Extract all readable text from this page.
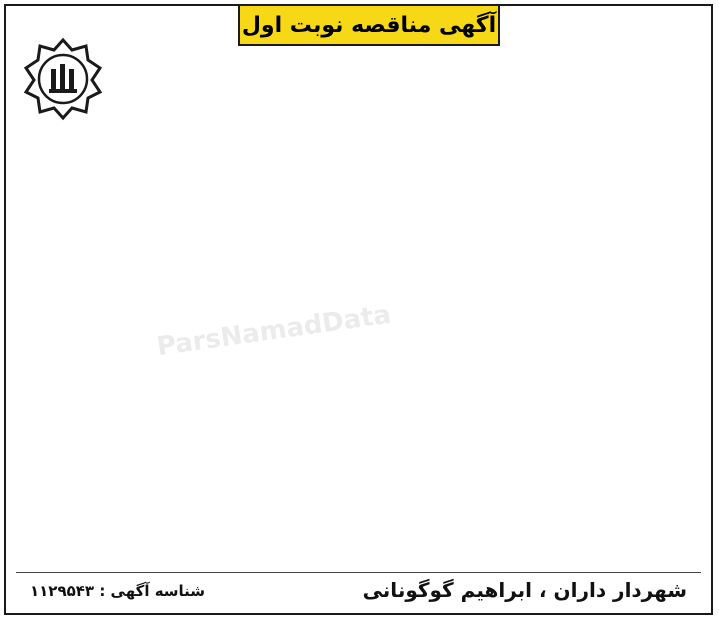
آگهی مناقصه نوبت اول
ParsNamadData
شناسه آگهی : ۱۱۲۹۵۴۳	شهردار داران ، ابراهیم گوگونانی
